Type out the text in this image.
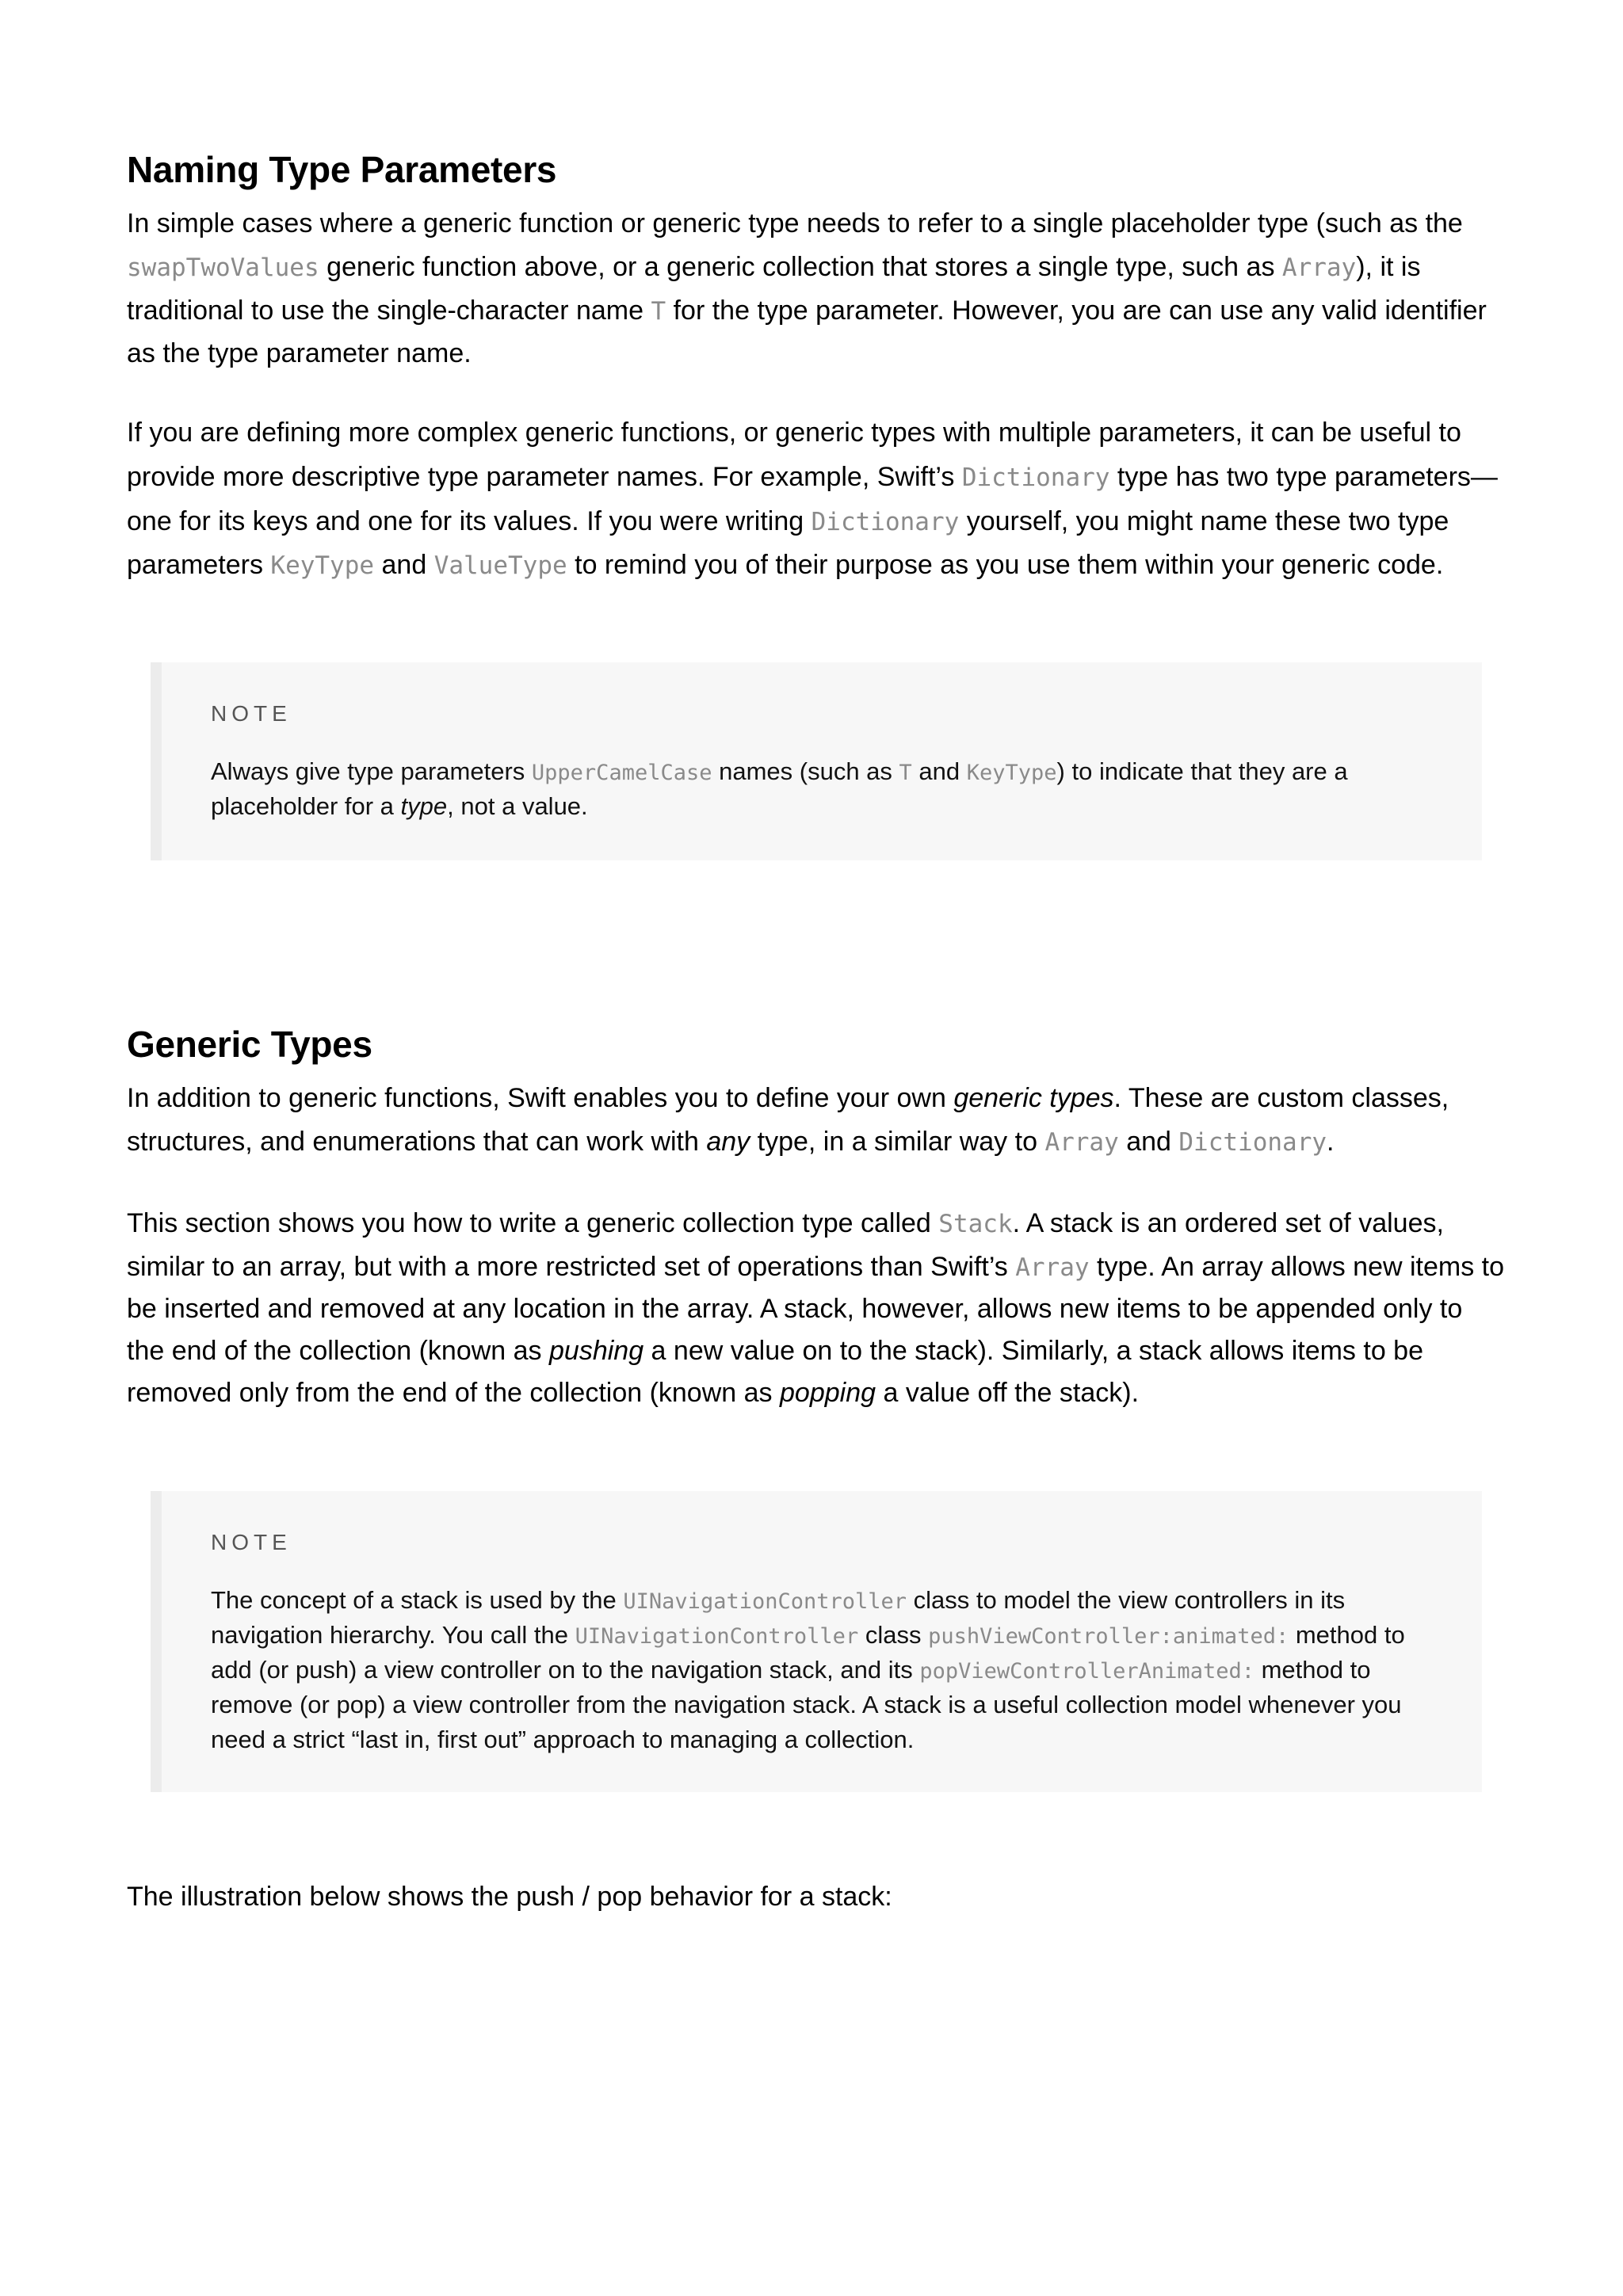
Naming Type Parameters

In simple cases where a generic function or generic type needs to refer to a single placeholder type (such as the

swapTwoValues generic function above, or a generic collection that stores a single type, such as Array), it is

traditional to use the single-character name T for the type parameter. However, you are can use any valid identifier

as the type parameter name.

If you are defining more complex generic functions, or generic types with multiple parameters, it can be useful to

provide more descriptive type parameter names. For example, Swift’s Dictionary type has two type parameters—

one for its keys and one for its values. If you were writing Dictionary yourself, you might name these two type

parameters KeyType and ValueType to remind you of their purpose as you use them within your generic code.

NOTE

Always give type parameters UpperCamelCase names (such as T and KeyType) to indicate that they are a

placeholder for a type, not a value.

Generic Types

In addition to generic functions, Swift enables you to define your own generic types. These are custom classes,

structures, and enumerations that can work with any type, in a similar way to Array and Dictionary.

This section shows you how to write a generic collection type called Stack. A stack is an ordered set of values,

similar to an array, but with a more restricted set of operations than Swift’s Array type. An array allows new items to

be inserted and removed at any location in the array. A stack, however, allows new items to be appended only to

the end of the collection (known as pushing a new value on to the stack). Similarly, a stack allows items to be

removed only from the end of the collection (known as popping a value off the stack).

NOTE

The concept of a stack is used by the UINavigationController class to model the view controllers in its

navigation hierarchy. You call the UINavigationController class pushViewController:animated: method to

add (or push) a view controller on to the navigation stack, and its popViewControllerAnimated: method to

remove (or pop) a view controller from the navigation stack. A stack is a useful collection model whenever you

need a strict “last in, first out” approach to managing a collection.

The illustration below shows the push / pop behavior for a stack:
